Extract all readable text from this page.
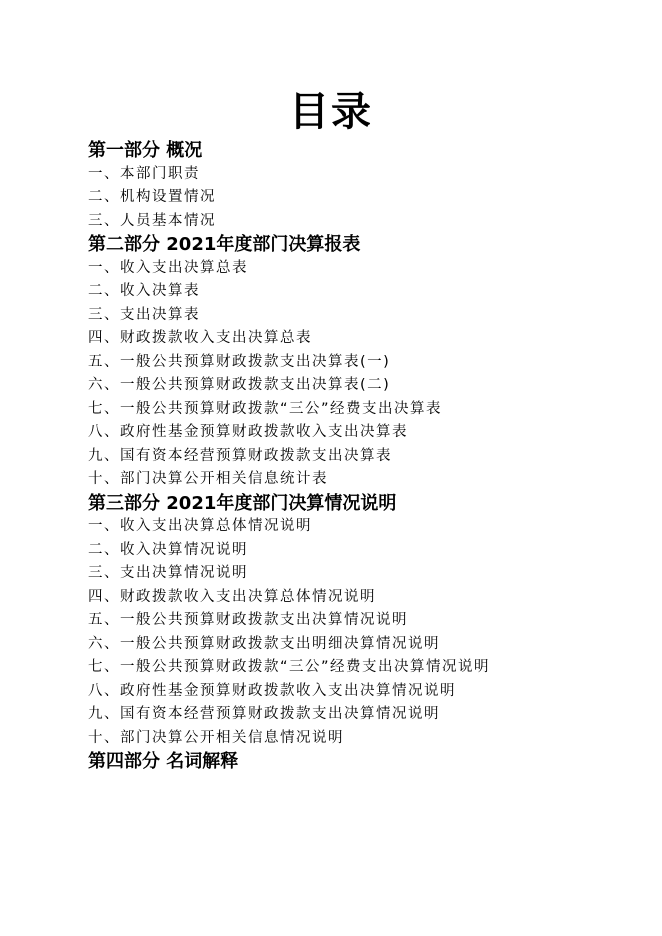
目录
第一部分 概况
一、本部门职责
二、机构设置情况
三、人员基本情况
第二部分 2021年度部门决算报表
一、收入支出决算总表
二、收入决算表
三、支出决算表
四、财政拨款收入支出决算总表
五、一般公共预算财政拨款支出决算表(一)
六、一般公共预算财政拨款支出决算表(二)
七、一般公共预算财政拨款“三公”经费支出决算表
八、政府性基金预算财政拨款收入支出决算表
九、国有资本经营预算财政拨款支出决算表
十、部门决算公开相关信息统计表
第三部分 2021年度部门决算情况说明
一、收入支出决算总体情况说明
二、收入决算情况说明
三、支出决算情况说明
四、财政拨款收入支出决算总体情况说明
五、一般公共预算财政拨款支出决算情况说明
六、一般公共预算财政拨款支出明细决算情况说明
七、一般公共预算财政拨款“三公”经费支出决算情况说明
八、政府性基金预算财政拨款收入支出决算情况说明
九、国有资本经营预算财政拨款支出决算情况说明
十、部门决算公开相关信息情况说明
第四部分 名词解释
